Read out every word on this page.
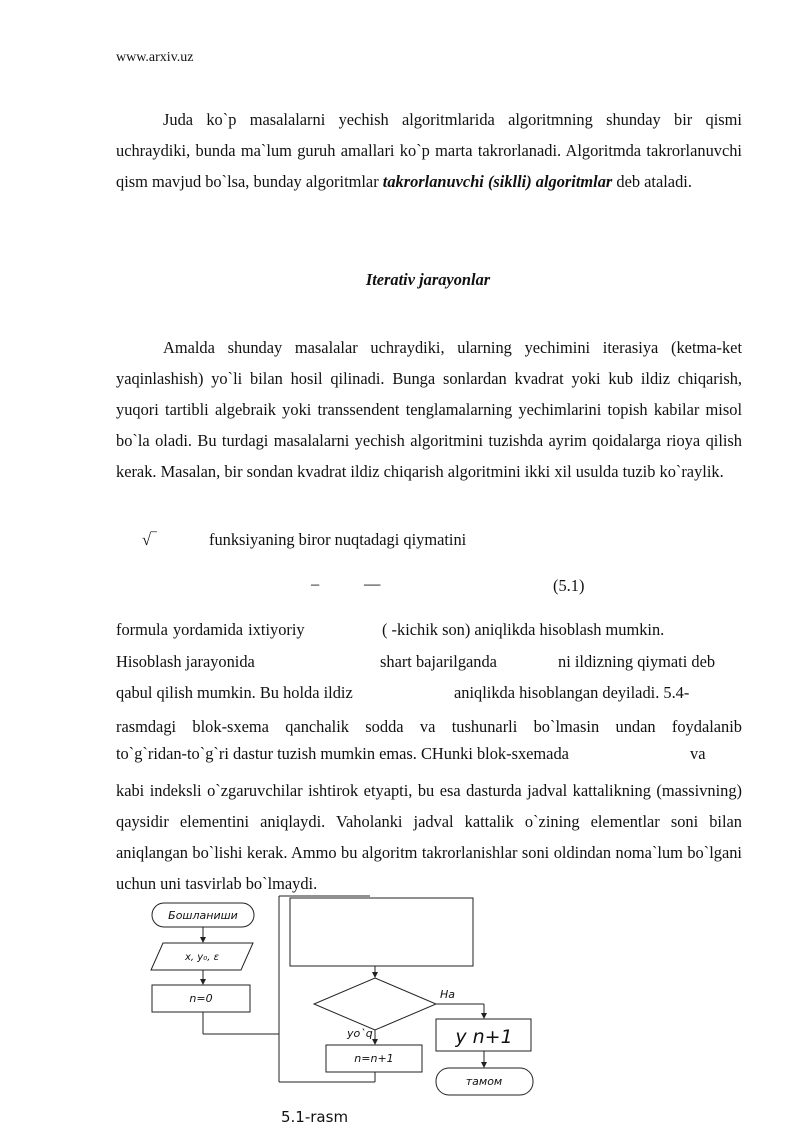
www.arxiv.uz

Juda ko`p masalalarni yechish algoritmlarida algoritmning shunday bir qismi uchraydiki, bunda ma`lum guruh amallari ko`p marta takrorlanadi. Algoritmda takrorlanuvchi qism mavjud bo`lsa, bunday algoritmlar takrorlanuvchi (siklli) algoritmlar deb ataladi.

Iterativ jarayonlar

Amalda shunday masalalar uchraydiki, ularning yechimini iterasiya (ketma-ket yaqinlashish) yo`li bilan hosil qilinadi. Bunga sonlardan kvadrat yoki kub ildiz chiqarish, yuqori tartibli algebraik yoki transsendent tenglamalarning yechimlarini topish kabilar misol bo`la oladi. Bu turdagi masalalarni yechish algoritmini tuzishda ayrim qoidalarga rioya qilish kerak. Masalan, bir sondan kvadrat ildiz chiqarish algoritmini ikki xil usulda tuzib ko`raylik.

√‾	funksiyaning biror nuqtadagi qiymatini
–	—	(5.1)
formula yordamida ixtiyoriy	( -kichik son) aniqlikda hisoblash mumkin.
Hisoblash jarayonida	shart bajarilganda	ni ildizning qiymati deb
qabul qilish mumkin. Bu holda ildiz	aniqlikda hisoblangan deyiladi. 5.4-

rasmdagi blok-sxema qanchalik sodda va tushunarli bo`lmasin undan foydalanib

to`g`ridan-to`g`ri dastur tuzish mumkin emas. CHunki blok-sxemada	va

kabi indeksli o`zgaruvchilar ishtirok etyapti, bu esa dasturda jadval kattalikning (massivning) qaysidir elementini aniqlaydi. Vaholanki jadval kattalik o`zining elementlar soni bilan aniqlangan bo`lishi kerak. Ammo bu algoritm takrorlanishlar soni oldindan noma`lum bo`lgani uchun uni tasvirlab bo`lmaydi.

Бошланиши
x, y₀, ε
n=0	Ha
yo`q
n=n+1
y n+1
тамом
5.1-rasm
